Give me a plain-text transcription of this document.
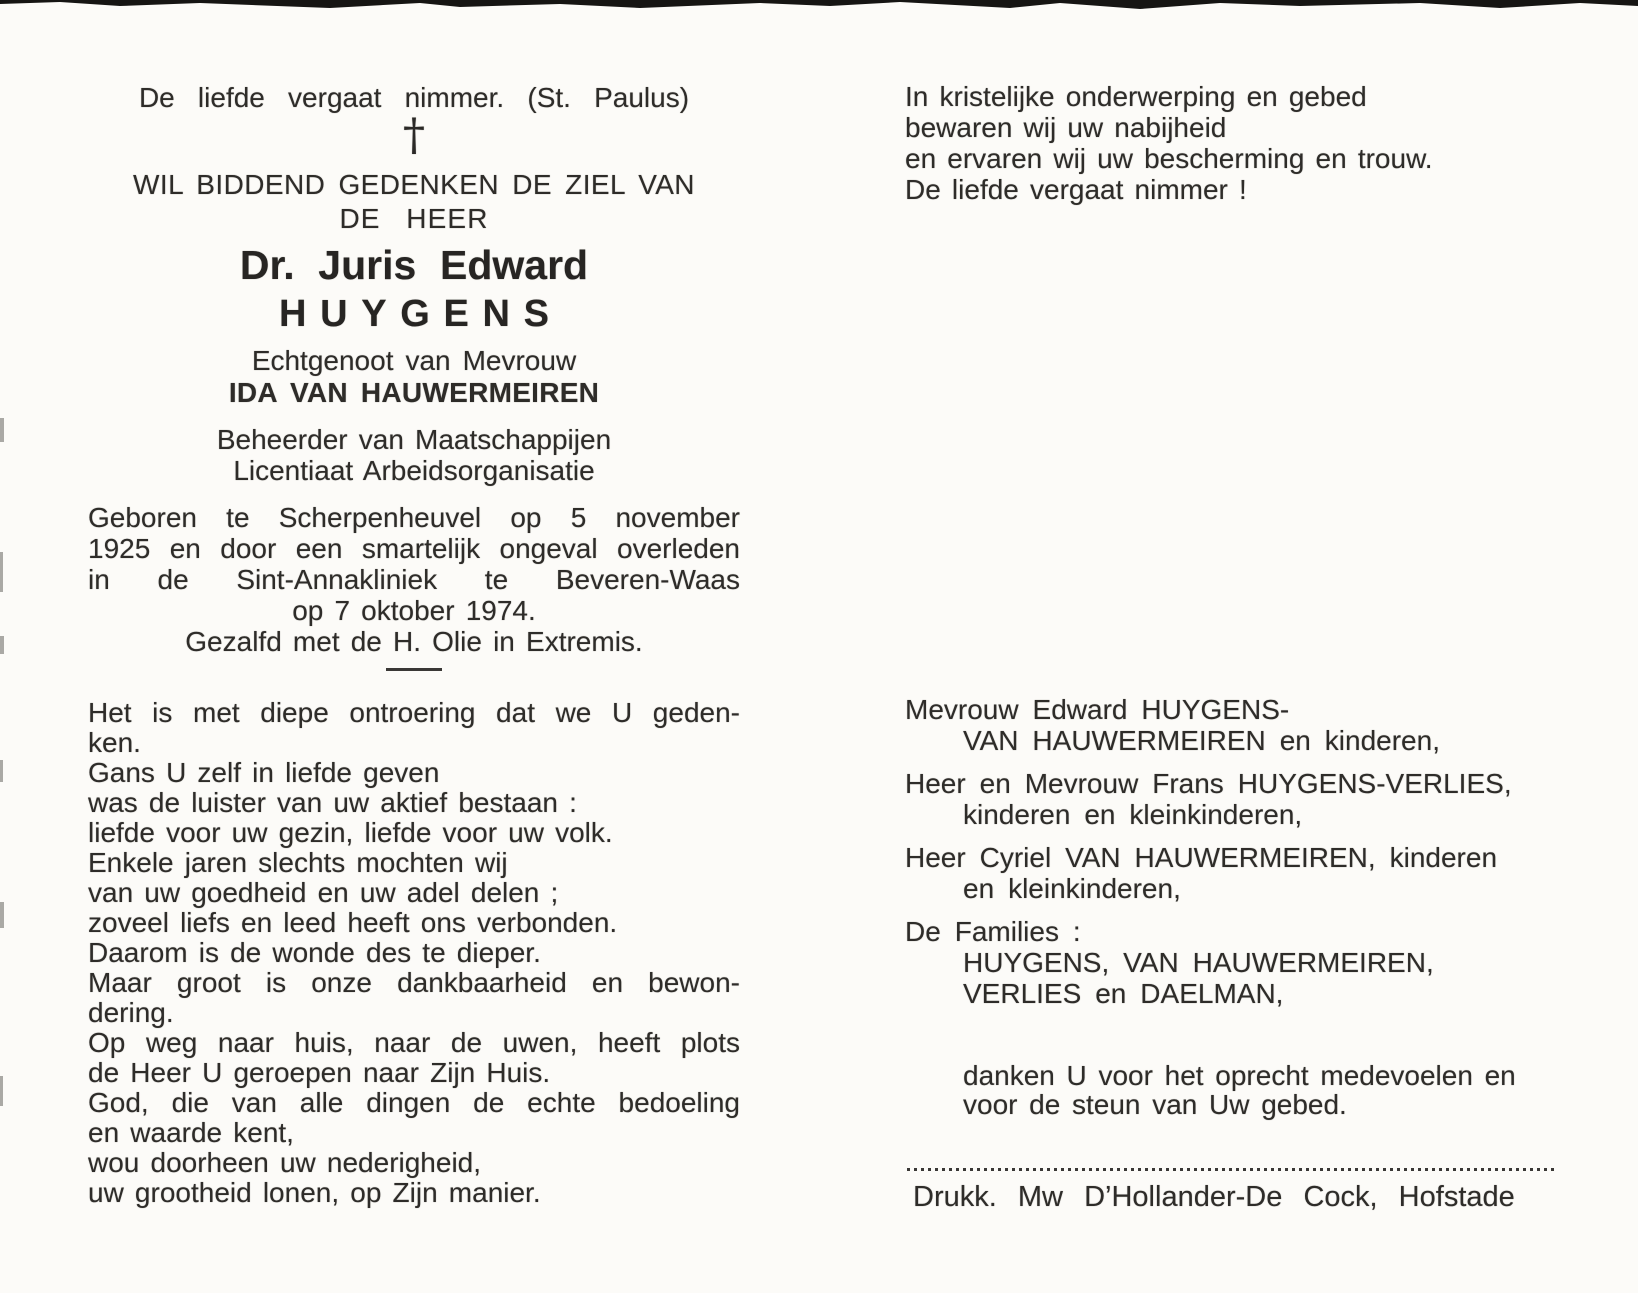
De liefde vergaat nimmer. (St. Paulus)
†
WIL BIDDEND GEDENKEN DE ZIEL VAN
DE HEER
Dr. Juris Edward
HUYGENS
Echtgenoot van Mevrouw
IDA VAN HAUWERMEIREN
Beheerder van Maatschappijen
Licentiaat Arbeidsorganisatie
Geboren te Scherpenheuvel op 5 november
1925 en door een smartelijk ongeval overleden
in de Sint-Annakliniek te Beveren-Waas
op 7 oktober 1974.
Gezalfd met de H. Olie in Extremis.
Het is met diepe ontroering dat we U geden-
ken.
Gans U zelf in liefde geven
was de luister van uw aktief bestaan :
liefde voor uw gezin, liefde voor uw volk.
Enkele jaren slechts mochten wij
van uw goedheid en uw adel delen ;
zoveel liefs en leed heeft ons verbonden.
Daarom is de wonde des te dieper.
Maar groot is onze dankbaarheid en bewon-
dering.
Op weg naar huis, naar de uwen, heeft plots
de Heer U geroepen naar Zijn Huis.
God, die van alle dingen de echte bedoeling
en waarde kent,
wou doorheen uw nederigheid,
uw grootheid lonen, op Zijn manier.
In kristelijke onderwerping en gebed
bewaren wij uw nabijheid
en ervaren wij uw bescherming en trouw.
De liefde vergaat nimmer !
Mevrouw Edward HUYGENS-
VAN HAUWERMEIREN en kinderen,
Heer en Mevrouw Frans HUYGENS-VERLIES,
kinderen en kleinkinderen,
Heer Cyriel VAN HAUWERMEIREN, kinderen
en kleinkinderen,
De Families :
HUYGENS, VAN HAUWERMEIREN,
VERLIES en DAELMAN,
danken U voor het oprecht medevoelen en
voor de steun van Uw gebed.
Drukk. Mw D’Hollander-De Cock, Hofstade
